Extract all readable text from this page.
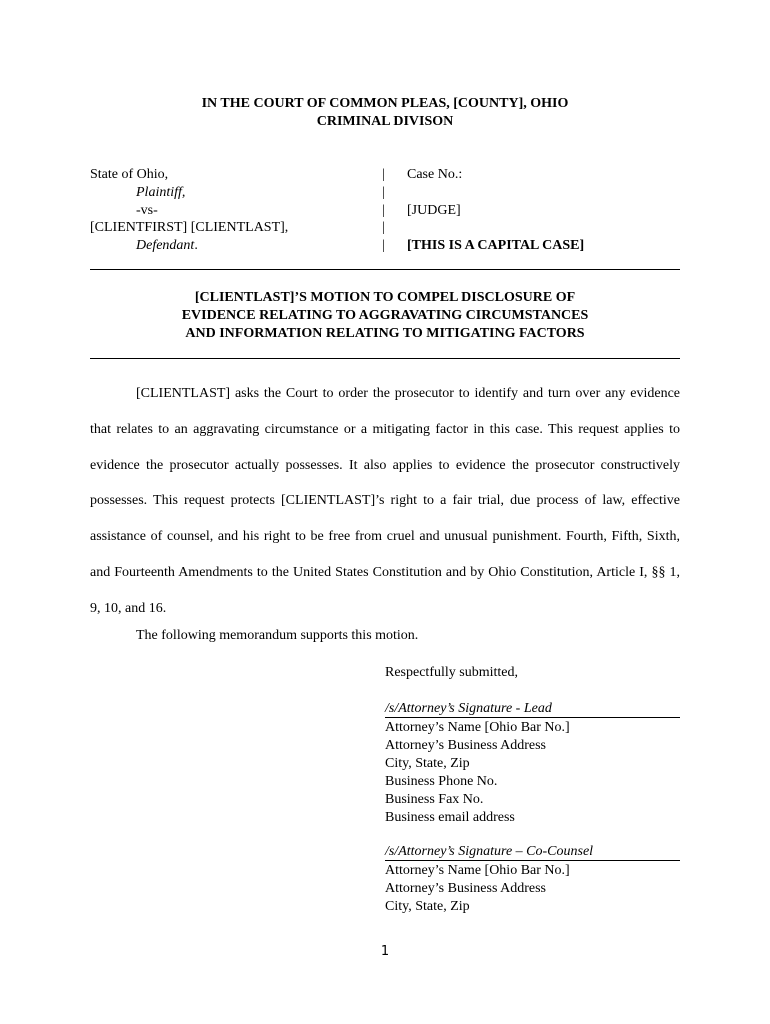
IN THE COURT OF COMMON PLEAS, [COUNTY], OHIO
CRIMINAL DIVISON
State of Ohio,
Plaintiff,
-vs-
[CLIENTFIRST] [CLIENTLAST],
Defendant.
|
|
|
|
|
Case No.:

[JUDGE]

[THIS IS A CAPITAL CASE]
[CLIENTLAST]’S MOTION TO COMPEL DISCLOSURE OF
EVIDENCE RELATING TO AGGRAVATING CIRCUMSTANCES
AND INFORMATION RELATING TO MITIGATING FACTORS

[CLIENTLAST] asks the Court to order the prosecutor to identify and turn over any evidence that relates to an aggravating circumstance or a mitigating factor in this case. This request applies to evidence the prosecutor actually possesses. It also applies to evidence the prosecutor constructively possesses. This request protects [CLIENTLAST]’s right to a fair trial, due process of law, effective assistance of counsel, and his right to be free from cruel and unusual punishment. Fourth, Fifth, Sixth, and Fourteenth Amendments to the United States Constitution and by Ohio Constitution, Article I, §§ 1, 9, 10, and 16.

The following memorandum supports this motion.
Respectfully submitted,
/s/Attorney’s Signature - Lead
Attorney’s Name [Ohio Bar No.]
Attorney’s Business Address
City, State, Zip
Business Phone No.
Business Fax No.
Business email address
/s/Attorney’s Signature – Co-Counsel
Attorney’s Name [Ohio Bar No.]
Attorney’s Business Address
City, State, Zip
1
